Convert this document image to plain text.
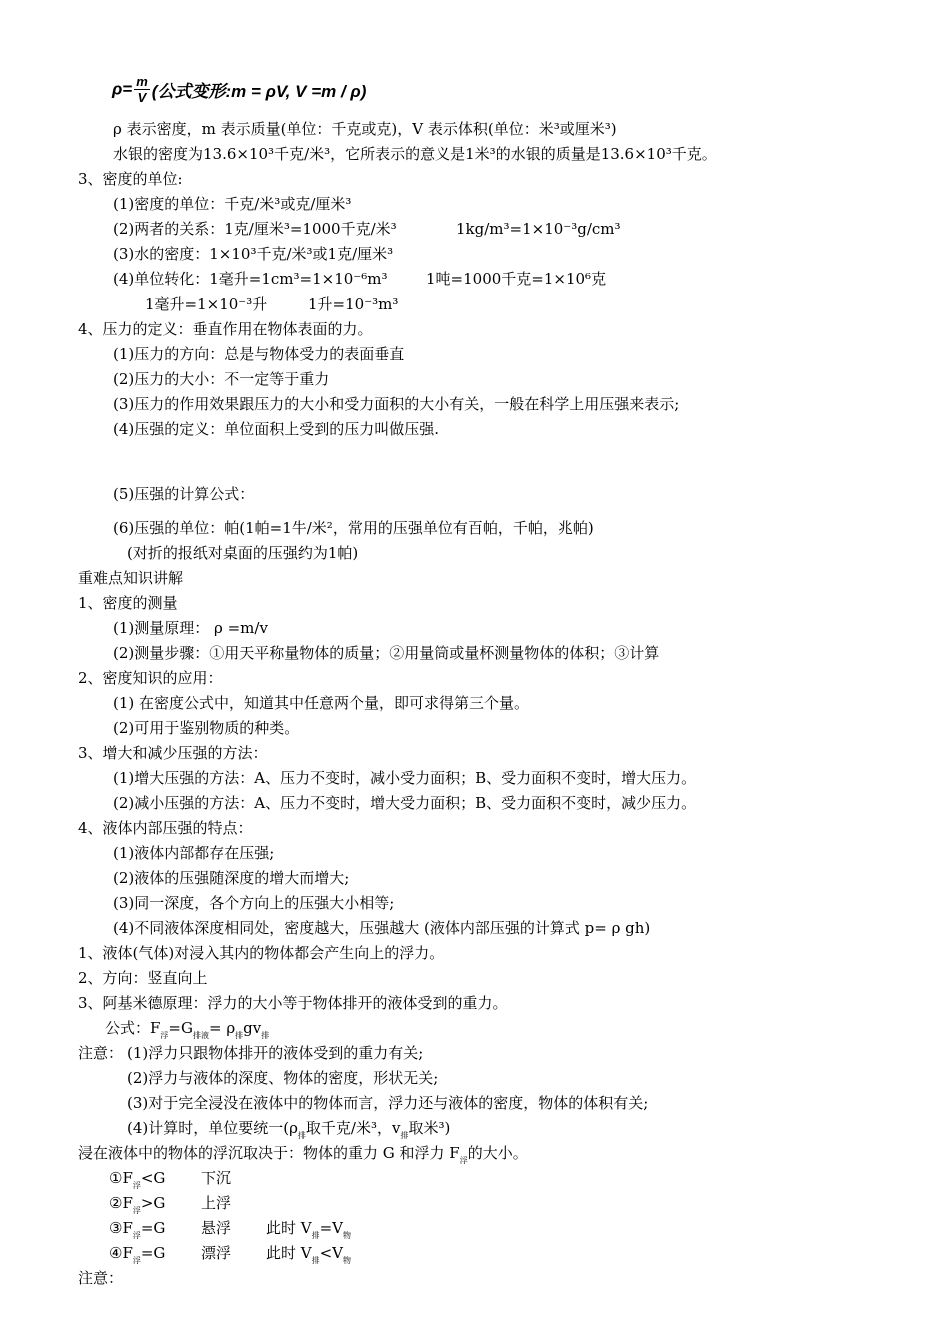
$\rho= \frac{m}{V}$ (公式变形:m = ρV, V =m / ρ)
ρ 表示密度，m 表示质量(单位：千克或克)，V 表示体积(单位：米³或厘米³)
水银的密度为13.6×10³千克/米³，它所表示的意义是1米³的水银的质量是13.6×10³千克。
3、密度的单位:
(1)密度的单位：千克/米³或克/厘米³
(2)两者的关系：1克/厘米³=1000千克/米³	1kg/m³=1×10⁻³g/cm³
(3)水的密度：1×10³千克/米³或1克/厘米³
(4)单位转化：1毫升=1cm³=1×10⁻⁶m³	1吨=1000千克=1×10⁶克
1毫升=1×10⁻³升	1升=10⁻³m³
4、压力的定义：垂直作用在物体表面的力。
(1)压力的方向：总是与物体受力的表面垂直
(2)压力的大小：不一定等于重力
(3)压力的作用效果跟压力的大小和受力面积的大小有关，一般在科学上用压强来表示;
(4)压强的定义：单位面积上受到的压力叫做压强.
(5)压强的计算公式：
(6)压强的单位：帕(1帕=1牛/米²，常用的压强单位有百帕，千帕，兆帕)
(对折的报纸对桌面的压强约为1帕)
重难点知识讲解
1、密度的测量
(1)测量原理： ρ =m/v
(2)测量步骤：①用天平称量物体的质量；②用量筒或量杯测量物体的体积；③计算
2、密度知识的应用：
(1) 在密度公式中，知道其中任意两个量，即可求得第三个量。
(2)可用于鉴别物质的种类。
3、增大和减少压强的方法：
(1)增大压强的方法：A、压力不变时，减小受力面积；B、受力面积不变时，增大压力。
(2)减小压强的方法：A、压力不变时，增大受力面积；B、受力面积不变时，减少压力。
4、液体内部压强的特点：
(1)液体内部都存在压强;
(2)液体的压强随深度的增大而增大;
(3)同一深度，各个方向上的压强大小相等;
(4)不同液体深度相同处，密度越大，压强越大 (液体内部压强的计算式 p= ρ gh)
1、液体(气体)对浸入其内的物体都会产生向上的浮力。
2、方向：竖直向上
3、阿基米德原理：浮力的大小等于物体排开的液体受到的重力。
公式：$F_浮=G_{排液}= \rho_排gv_排$
注意： (1)浮力只跟物体排开的液体受到的重力有关;
(2)浮力与液体的深度、物体的密度，形状无关;
(3)对于完全浸没在液体中的物体而言，浮力还与液体的密度，物体的体积有关;
(4)计算时，单位要统一($\rho_排$取千克/米³，$v_排$取米³)
浸在液体中的物体的浮沉取决于：物体的重力 G 和浮力 $F_浮$的大小。
$①F_浮<G$ 下沉
$②F_浮>G$ 上浮
$③F_浮=G$ 悬浮 此时 $V_排=V_物$
$④F_浮=G$ 漂浮 此时 $V_排<V_物$
注意：
